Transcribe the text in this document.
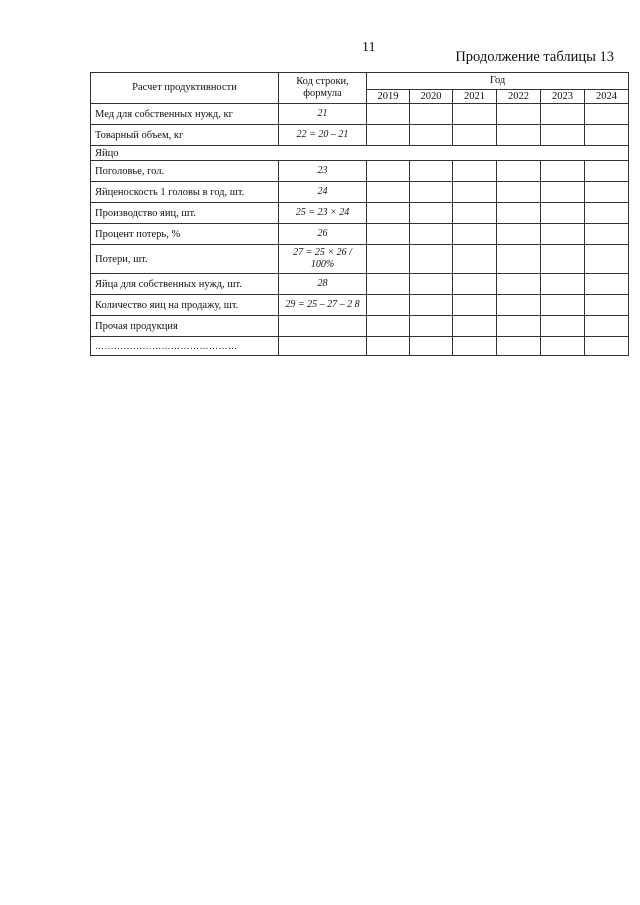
11
Продолжение таблицы 13
Расчет продуктивности	Код строки, формула	Год					
		2019	2020	2021	2022	2023	2024
Мед для собственных нужд, кг	21						
Товарный объем, кг	22 = 20 – 21						
Яйцо							
Поголовье, гол.	23						
Яйценоскость 1 головы в год, шт.	24						
Производство яиц, шт.	25 = 23 × 24						
Процент потерь, %	26						
Потери, шт.	27 = 25 × 26 /
100%						
Яйца для собственных нужд, шт.	28						
Количество яиц на продажу, шт.	29 = 25 – 27 – 2 8						
Прочая продукция							
………………………………………							
